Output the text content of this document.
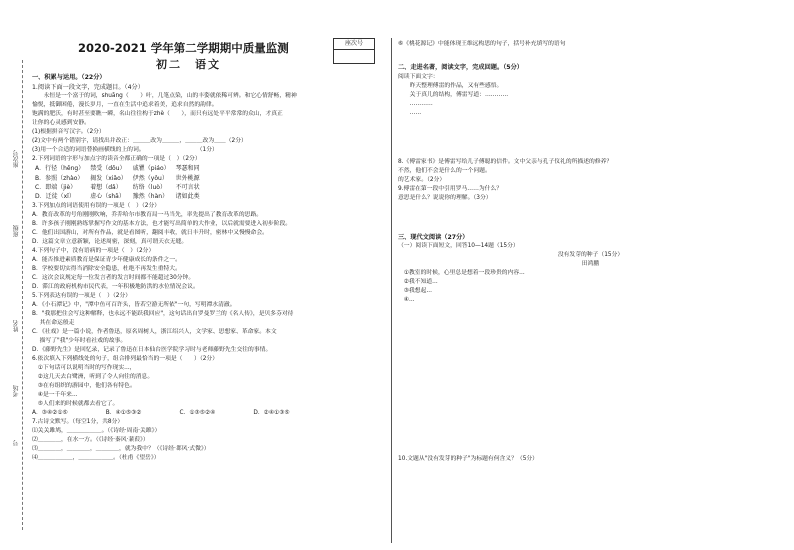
座次号
班级
姓名
考场
号
2020-2021 学年第二学期期中质量监测
初二　语文
座次号
一、积累与运用。（22分）
1.阅读下面一段文字，完成题目。（4分）
　　永恒是一个富于的词，shuāng（　　）叶，几笔点染，山的丰姿就依稀可辨。和它心情舒畅，精神
愉悦，抵御困倦，漫长岁月，一直在生活中追求着美，追求自然的韵律。
饱满的肥沃，有时甚至要瞧一瞬，名山往往构于zhè（　　），而只有远处平平常常的众山，才真正
让你的心灵感到安静。
(1)根据拼音写汉字。（2分）
(2)文中有两个错别字，请找出并改正：＿＿＿改为＿＿＿，＿＿＿改为＿＿（2分）
(3)用一个合适的词语替换画横线的上的词。　　　　　　　　　　（1分）
2.下列词语的字形与加点字的读音全都正确的一项是（　）（2分）
A．行径（hēng）	禁受（dōu）	戚瞿（piáo）	琴瑟和同
B．参照（zhào）	揭发（xiǎo）	伊然（yǒu）	世外桃源
C．即端（jiè）	着想（dǎ）	纺络（luò）	不可言状
D．迁徒（xǐ）	虚心（shā）	豫然（hàn）	诸如此类
3.下列加点的词语使用有误的一项是（　）（2分）
A．教育改革的号角刚刚吹响，乔乔哈尔市教育局一马当先，率先提出了教育改革的思路。
B．许多孩子刚刚熟练掌握写作文的基本方法，也才能写出简单的大作业，以后就需要进入初步阶段。
C．他们出国游山，对所有作品，就是看图听，翻阅丰收，就日丰升时，密林中又慢慢命会。
D．这篇文章立意新颖，论述周密，深刻，真可谓天衣无缝。
4.下列句子中，没有语病的一项是（　）（2分）
A．能否推进素质教育是保证青少年健康成长的条件之一。
B．学校要切实得当消除安全隐患，杜绝不再发生重特大。
C．这次会议规定每一位发言者的发言时间都不能超过30分钟。
D．滞江的政府机构市民代表，一年积极地防洪的水位情况会议。
5.下列表达有误的一项是（　）（2分）
A．《小石潭记》中，"潭中鱼可百许头，皆若空游无所依"一句，写明潭水清澈。
B．"我那把住会写这种解释，也永远不能跃我回应"，这句话出自罗曼罗兰的《名人传》，是贝多芬对待
　 其在命运般走
C．《社戏》是一篇小说，作者鲁迅，原名周树人，浙江绍兴人，文学家、思想家、革命家。本文
　 描写了"我"少年时看社戏的故事。
D．《藤野先生》是回忆录，记录了鲁迅在日本仙台医学院学习时与老师藤野先生交往的事情。
6.依次填入下列横线处的句子，组合排列最恰当的一项是（　　）（2分）
　①下句话可以说明当时的写作现实...，
　②这几天去白鹭洲，听到了令人向往的消息。
　③在有组织的游园中，他们各有特色。
　④是一千年来...
　⑤人们来的时候就都去看它了。
A．③④②①⑤	B．④①⑤③②	C．①③⑤②④	D．②④①③⑤
7.古诗文默写。（每空1分，共8分）
⑴关关雎鸠，＿＿＿＿＿＿。（《诗经·周南·关雎》）
⑵＿＿＿＿，在水一方。（《诗经·秦风·蒹葭》）
⑶＿＿＿＿，＿＿＿＿，＿＿＿＿，就为我中？（《诗经·邶风·式微》）
⑷＿＿＿＿＿＿，＿＿＿＿＿＿。（杜甫《望岳》）
⑥《桃花源记》中能体现王维远构思的句子，括号补充填写的语句
二、走进名著，阅读文字，完成回题。（5分）
阅读下面文字：
　　昨天整理傅雷的作品，又有些感悟。
　　关于真儿的结构，傅雷写道：…………
　　…………
　　……
8.《傅雷家书》是傅雷写给儿子傅聪的信件。文中父亲与孔子仪礼的所描述的修养？
不然，他们不会是什么的一个问题。
的艺术家。（2分）
9.傅雷在第一段中引用罗马……为什么？
意思是什么？说说你的理解。（3分）
三、现代文阅读（27分）
（一）阅读下面短文，回答10—14题（15分）
没有发芽的种子（15分）
田鸿鹏
　①教室的时候，心里总是想着一段珍贵的内容...
　②我不知道...
　③我想起...
　④...
10.文题从"没有发芽的种子"为标题有何含义？（5分）
